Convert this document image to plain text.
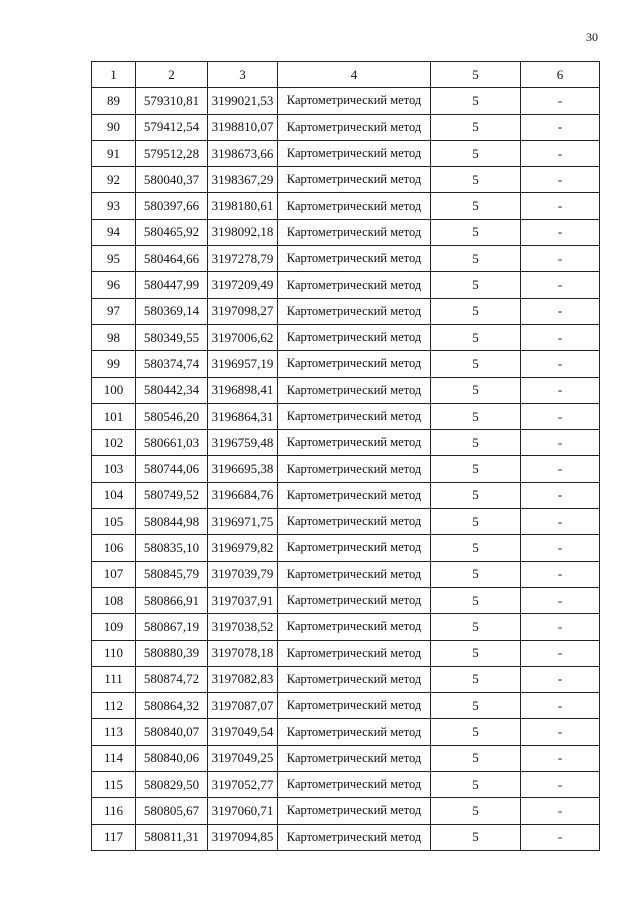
30
1	2	3	4	5	6
89	579310,81	3199021,53	Картометрический метод	5	-
90	579412,54	3198810,07	Картометрический метод	5	-
91	579512,28	3198673,66	Картометрический метод	5	-
92	580040,37	3198367,29	Картометрический метод	5	-
93	580397,66	3198180,61	Картометрический метод	5	-
94	580465,92	3198092,18	Картометрический метод	5	-
95	580464,66	3197278,79	Картометрический метод	5	-
96	580447,99	3197209,49	Картометрический метод	5	-
97	580369,14	3197098,27	Картометрический метод	5	-
98	580349,55	3197006,62	Картометрический метод	5	-
99	580374,74	3196957,19	Картометрический метод	5	-
100	580442,34	3196898,41	Картометрический метод	5	-
101	580546,20	3196864,31	Картометрический метод	5	-
102	580661,03	3196759,48	Картометрический метод	5	-
103	580744,06	3196695,38	Картометрический метод	5	-
104	580749,52	3196684,76	Картометрический метод	5	-
105	580844,98	3196971,75	Картометрический метод	5	-
106	580835,10	3196979,82	Картометрический метод	5	-
107	580845,79	3197039,79	Картометрический метод	5	-
108	580866,91	3197037,91	Картометрический метод	5	-
109	580867,19	3197038,52	Картометрический метод	5	-
110	580880,39	3197078,18	Картометрический метод	5	-
111	580874,72	3197082,83	Картометрический метод	5	-
112	580864,32	3197087,07	Картометрический метод	5	-
113	580840,07	3197049,54	Картометрический метод	5	-
114	580840,06	3197049,25	Картометрический метод	5	-
115	580829,50	3197052,77	Картометрический метод	5	-
116	580805,67	3197060,71	Картометрический метод	5	-
117	580811,31	3197094,85	Картометрический метод	5	-
